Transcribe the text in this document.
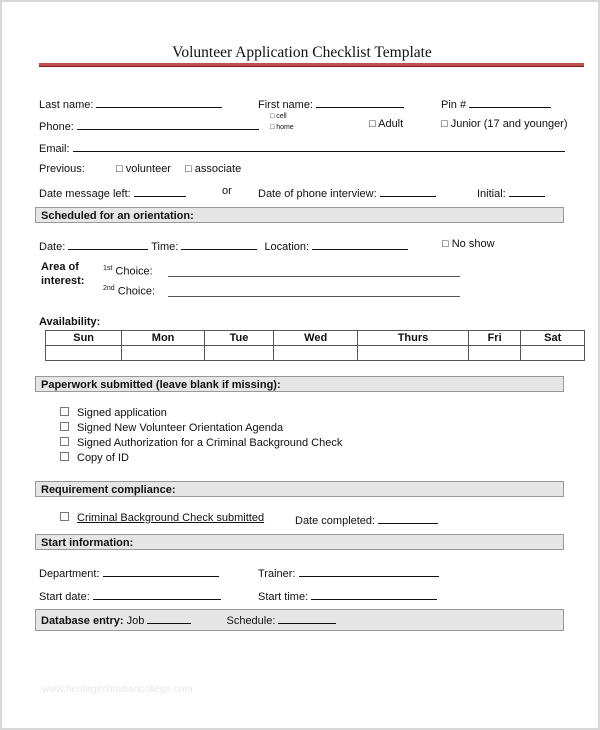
Volunteer Application Checklist Template
Last name:	First name:	Pin #
Phone:
□ cell
□ home	□ Adult	□ Junior (17 and younger)
Email:
Previous:	□ volunteer □ associate
Date message left:	or Date of phone interview:	Initial:
Scheduled for an orientation:
Date:	Time:	Location:	□ No show
Area of
interest:
$^{1st}$ Choice:
$^{2nd}$ Choice:
Availability:
Sun	Mon	Tue	Wed	Thurs	Fri	Sat

Paperwork submitted (leave blank if missing):
Signed application
Signed New Volunteer Orientation Agenda
Signed Authorization for a Criminal Background Check
Copy of ID
Requirement compliance:
Criminal Background Check submitted	Date completed:
Start information:
Department:	Trainer:
Start date:	Start time:
Database entry: Job	Schedule:
www.heritagechristiancollege.com
